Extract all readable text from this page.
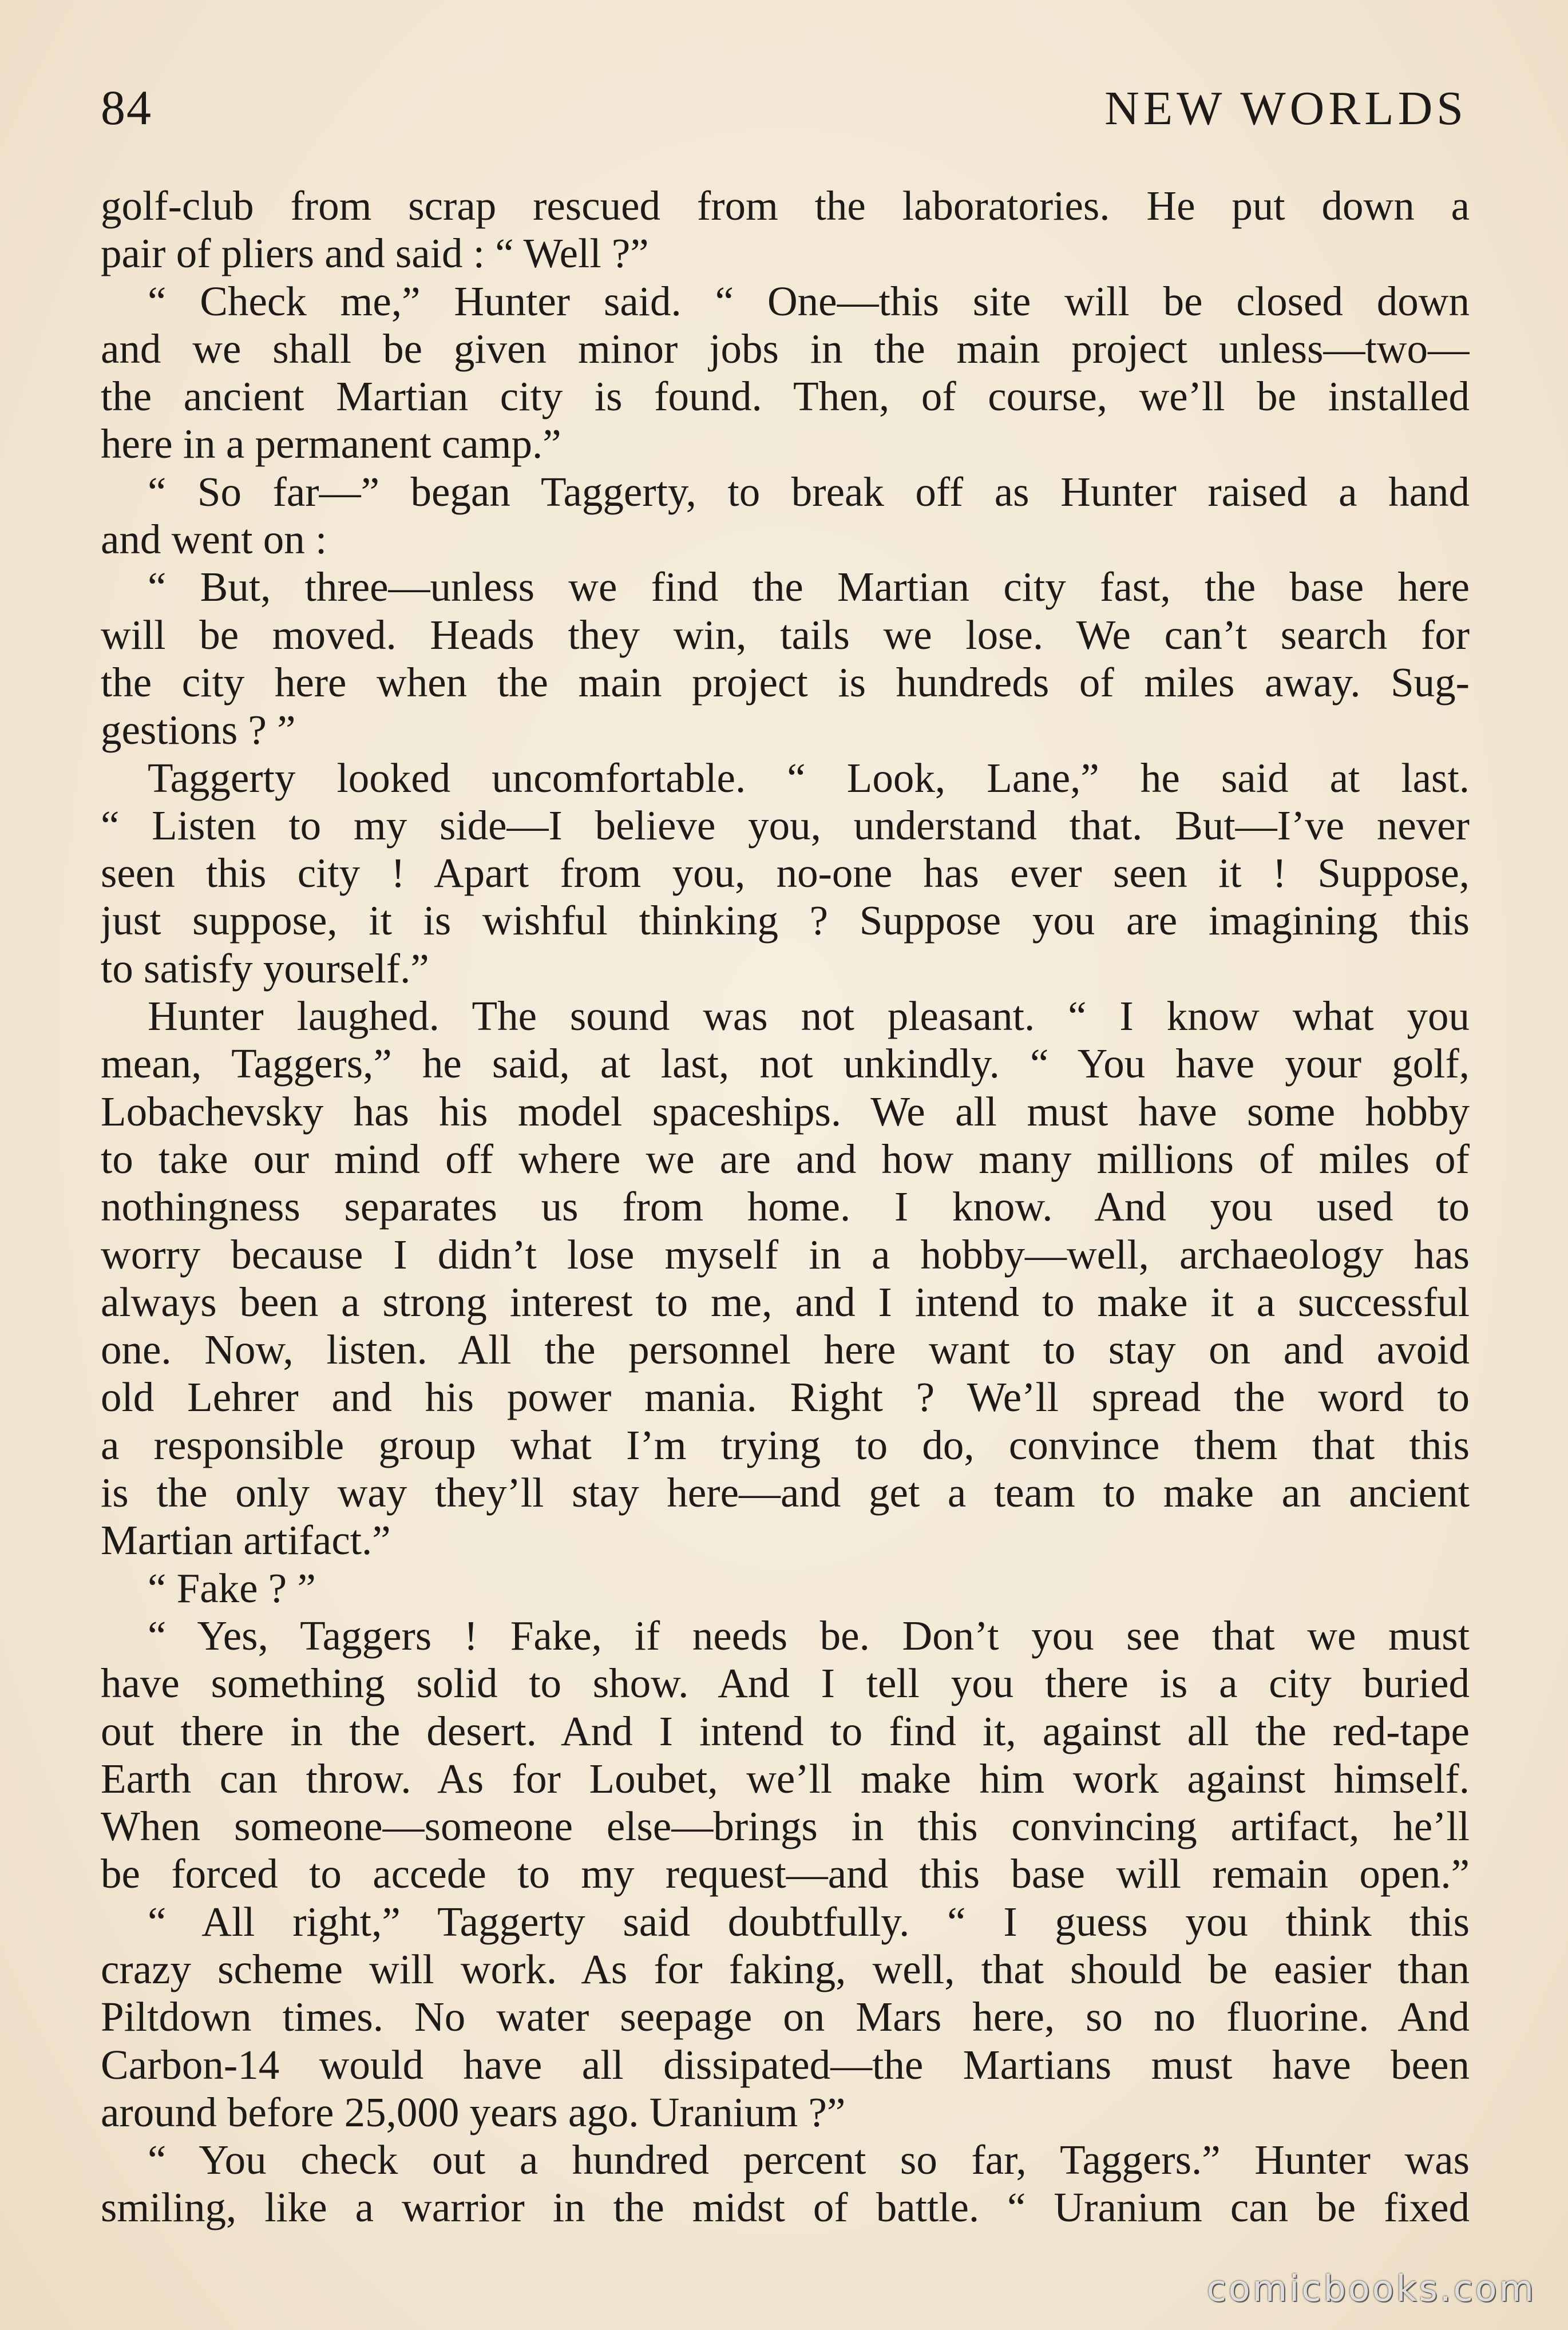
84	NEW WORLDS
golf-club from scrap rescued from the laboratories. He put down a
pair of pliers and said : “ Well ?”
“ Check me,” Hunter said. “ One—this site will be closed down
and we shall be given minor jobs in the main project unless—two—
the ancient Martian city is found. Then, of course, we’ll be installed
here in a permanent camp.”
“ So far—” began Taggerty, to break off as Hunter raised a hand
and went on :
“ But, three—unless we find the Martian city fast, the base here
will be moved. Heads they win, tails we lose. We can’t search for
the city here when the main project is hundreds of miles away. Sug-
gestions ? ”
Taggerty looked uncomfortable. “ Look, Lane,” he said at last.
“ Listen to my side—I believe you, understand that. But—I’ve never
seen this city ! Apart from you, no-one has ever seen it ! Suppose,
just suppose, it is wishful thinking ? Suppose you are imagining this
to satisfy yourself.”
Hunter laughed. The sound was not pleasant. “ I know what you
mean, Taggers,” he said, at last, not unkindly. “ You have your golf,
Lobachevsky has his model spaceships. We all must have some hobby
to take our mind off where we are and how many millions of miles of
nothingness separates us from home. I know. And you used to
worry because I didn’t lose myself in a hobby—well, archaeology has
always been a strong interest to me, and I intend to make it a successful
one. Now, listen. All the personnel here want to stay on and avoid
old Lehrer and his power mania. Right ? We’ll spread the word to
a responsible group what I’m trying to do, convince them that this
is the only way they’ll stay here—and get a team to make an ancient
Martian artifact.”
“ Fake ? ”
“ Yes, Taggers ! Fake, if needs be. Don’t you see that we must
have something solid to show. And I tell you there is a city buried
out there in the desert. And I intend to find it, against all the red-tape
Earth can throw. As for Loubet, we’ll make him work against himself.
When someone—someone else—brings in this convincing artifact, he’ll
be forced to accede to my request—and this base will remain open.”
“ All right,” Taggerty said doubtfully. “ I guess you think this
crazy scheme will work. As for faking, well, that should be easier than
Piltdown times. No water seepage on Mars here, so no fluorine. And
Carbon-14 would have all dissipated—the Martians must have been
around before 25,000 years ago. Uranium ?”
“ You check out a hundred percent so far, Taggers.” Hunter was
smiling, like a warrior in the midst of battle. “ Uranium can be fixed
comicbooks.com
